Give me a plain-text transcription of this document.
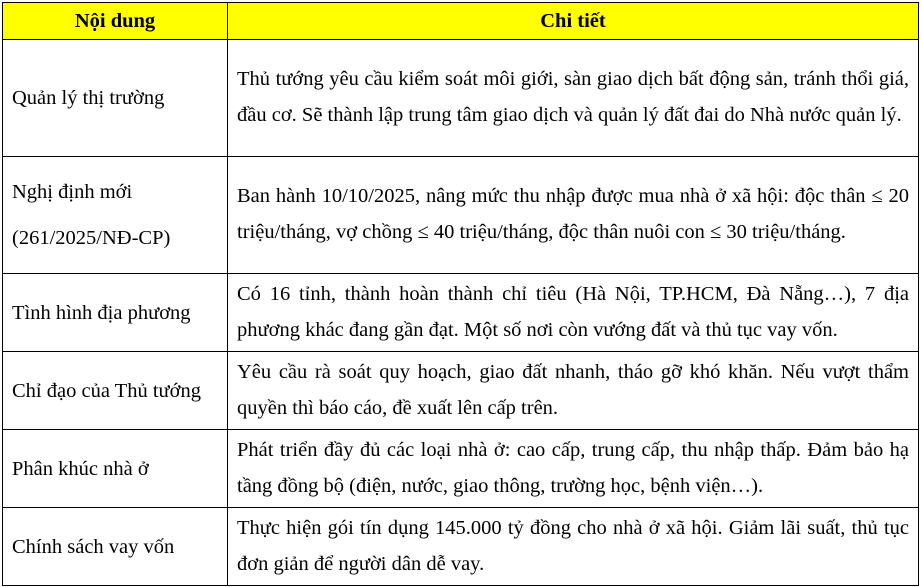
Nội dung	Chi tiết
Quản lý thị trường	Thủ tướng yêu cầu kiểm soát môi giới, sàn giao dịch bất động sản, tránh thổi giá, đầu cơ. Sẽ thành lập trung tâm giao dịch và quản lý đất đai do Nhà nước quản lý.

Nghị định mới
(261/2025/NĐ-CP)	Ban hành 10/10/2025, nâng mức thu nhập được mua nhà ở xã hội: độc thân ≤ 20 triệu/tháng, vợ chồng ≤ 40 triệu/tháng, độc thân nuôi con ≤ 30 triệu/tháng.
Tình hình địa phương	Có 16 tỉnh, thành hoàn thành chỉ tiêu (Hà Nội, TP.HCM, Đà Nẵng…), 7 địa phương khác đang gần đạt. Một số nơi còn vướng đất và thủ tục vay vốn.
Chỉ đạo của Thủ tướng	Yêu cầu rà soát quy hoạch, giao đất nhanh, tháo gỡ khó khăn. Nếu vượt thẩm quyền thì báo cáo, đề xuất lên cấp trên.
Phân khúc nhà ở	Phát triển đầy đủ các loại nhà ở: cao cấp, trung cấp, thu nhập thấp. Đảm bảo hạ tầng đồng bộ (điện, nước, giao thông, trường học, bệnh viện…).
Chính sách vay vốn	Thực hiện gói tín dụng 145.000 tỷ đồng cho nhà ở xã hội. Giảm lãi suất, thủ tục đơn giản để người dân dễ vay.
